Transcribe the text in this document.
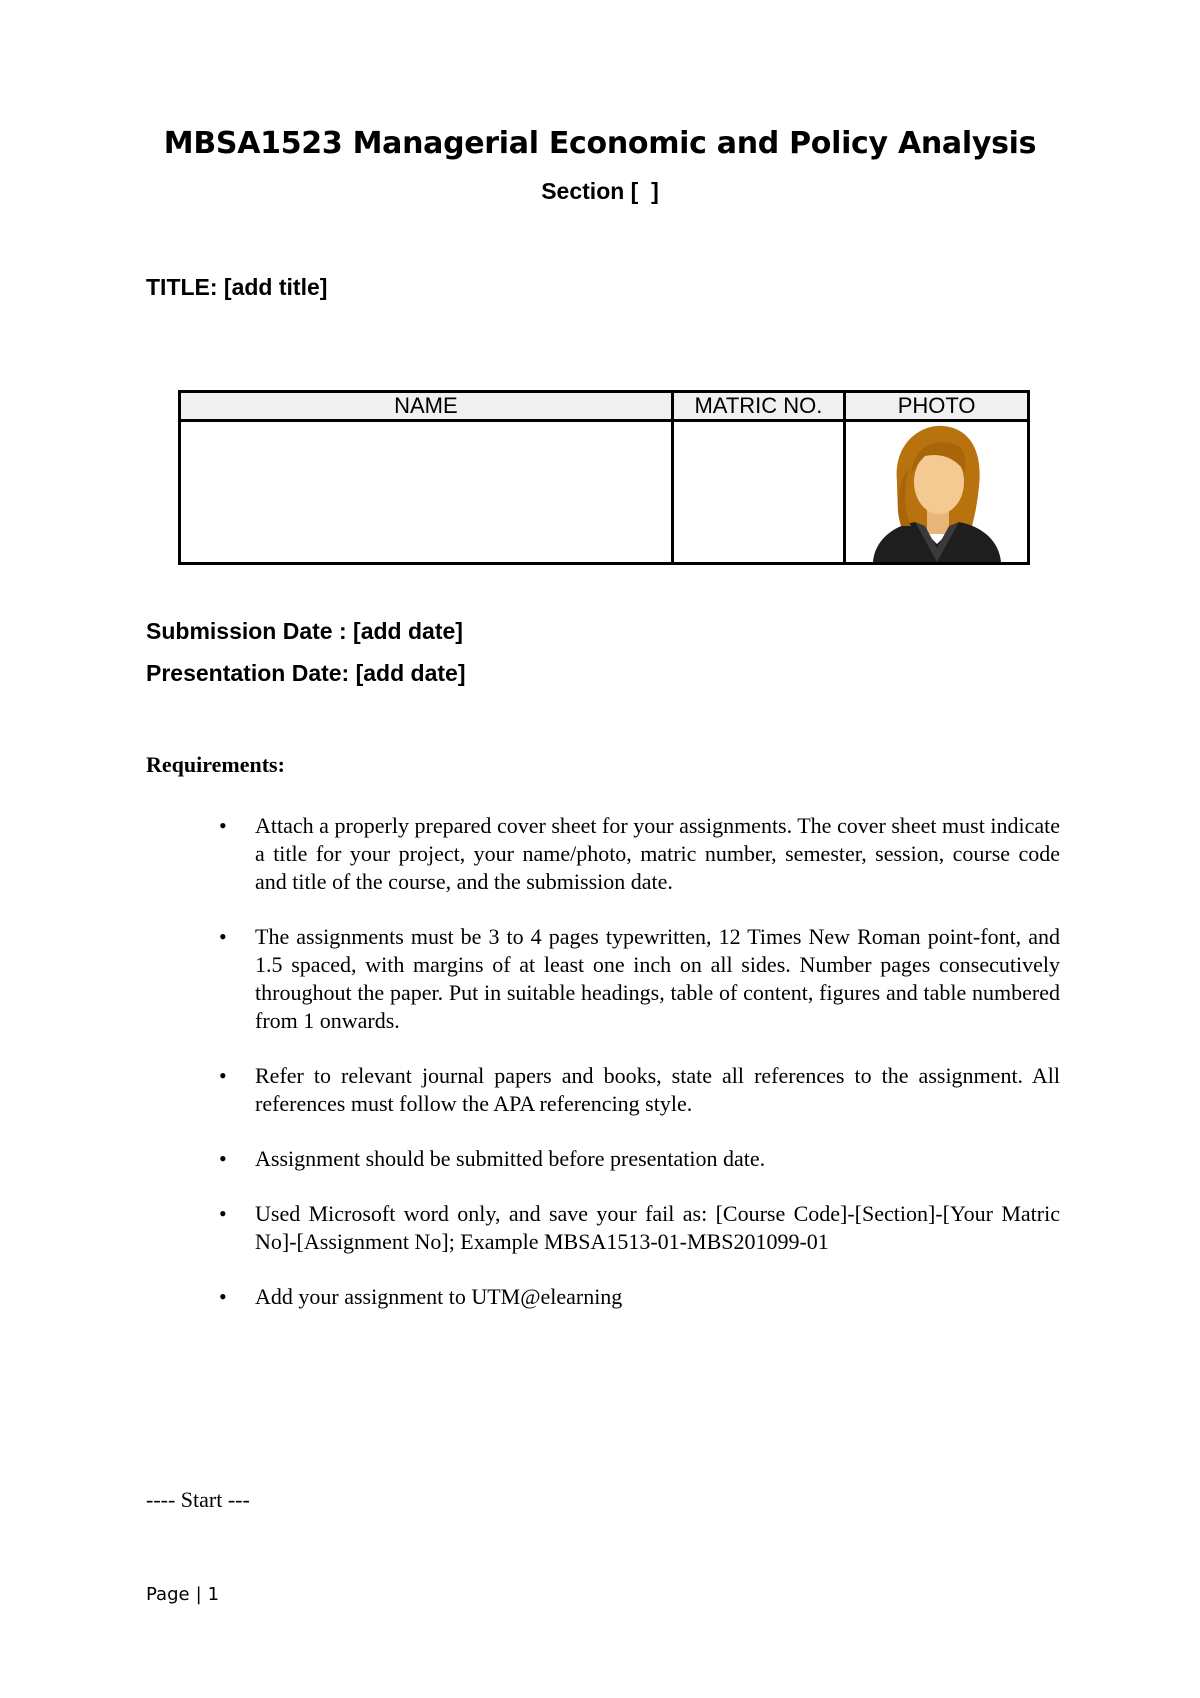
MBSA1523 Managerial Economic and Policy Analysis
Section [  ]
TITLE: [add title]
NAME	MATRIC NO.	PHOTO

Submission Date : [add date]
Presentation Date: [add date]
Requirements:
• Attach a properly prepared cover sheet for your assignments. The cover sheet must indicate a title for your project, your name/photo, matric number, semester, session, course code and title of the course, and the submission date.
• The assignments must be 3 to 4 pages typewritten, 12 Times New Roman point-font, and 1.5 spaced, with margins of at least one inch on all sides. Number pages consecutively throughout the paper. Put in suitable headings, table of content, figures and table numbered from 1 onwards.
• Refer to relevant journal papers and books, state all references to the assignment. All references must follow the APA referencing style.
• Assignment should be submitted before presentation date.
• Used Microsoft word only, and save your fail as: [Course Code]-[Section]-[Your Matric No]-[Assignment No]; Example MBSA1513-01-MBS201099-01
• Add your assignment to UTM@elearning
---- Start ---
Page | 1
